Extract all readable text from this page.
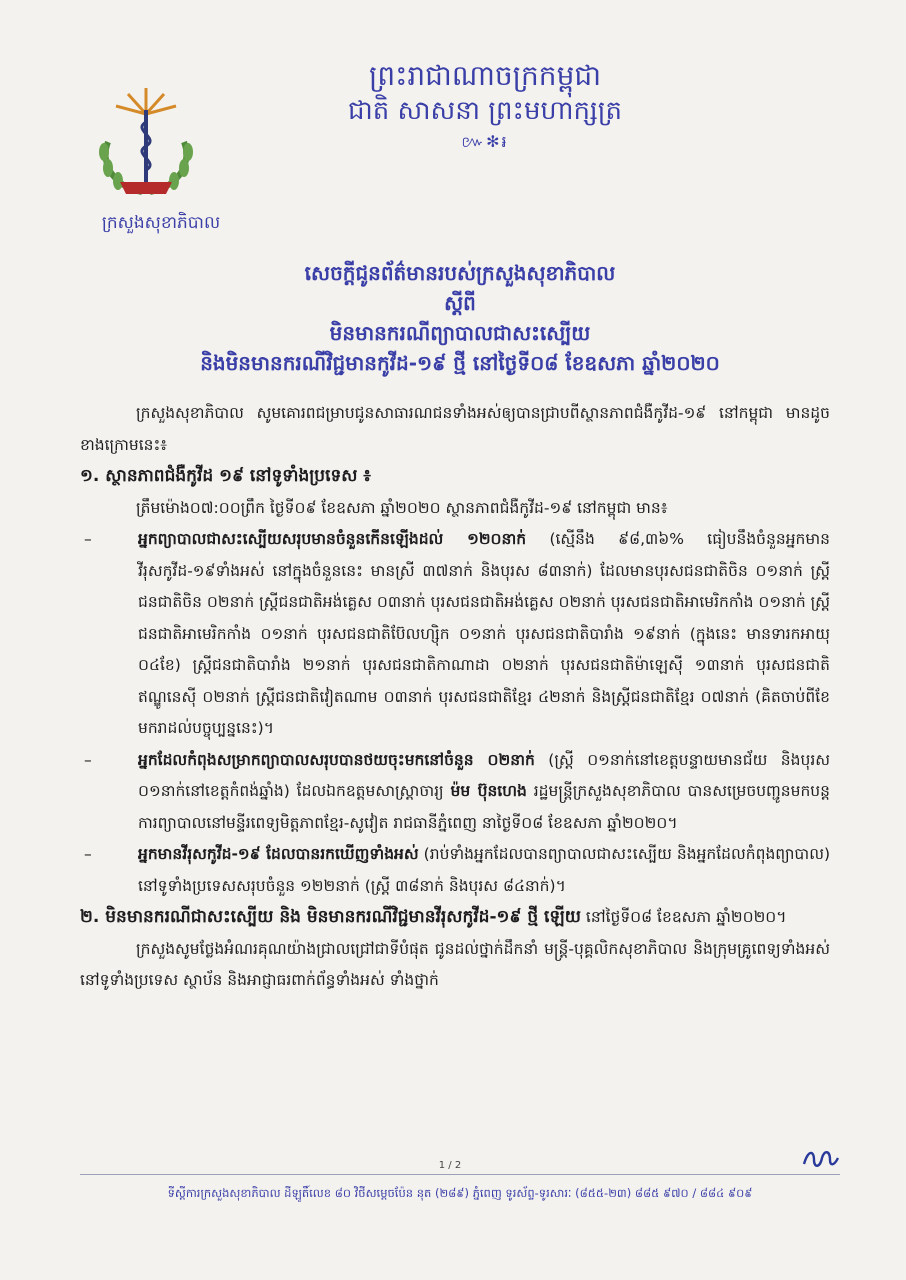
ព្រះរាជាណាចក្រកម្ពុជា
ជាតិ សាសនា ព្រះមហាក្សត្រ
៚✻៛
ក្រសួងសុខាភិបាល
សេចក្ដីជូនព័ត៌មានរបស់ក្រសួងសុខាភិបាល
ស្ដីពី
មិនមានករណីព្យាបាលជាសះស្បើយ
និងមិនមានករណីវិជ្ជមានកូវីដ-១៩ ថ្មី នៅថ្ងៃទី០៨ ខែឧសភា ឆ្នាំ២០២០

ក្រសួងសុខាភិបាល សូមគោរពជម្រាបជូនសាធារណជនទាំងអស់ឲ្យបានជ្រាបពីស្ថានភាពជំងឺកូវីដ-១៩ នៅកម្ពុជា មានដូចខាងក្រោមនេះ៖

១. ស្ថានភាពជំងឺកូវីដ ១៩ នៅទូទាំងប្រទេស ៖

ត្រឹមម៉ោង០៧:០០ព្រឹក ថ្ងៃទី០៩ ខែឧសភា ឆ្នាំ២០២០ ស្ថានភាពជំងឺកូវីដ-១៩ នៅកម្ពុជា មាន៖

–	អ្នកព្យាបាលជាសះស្បើយសរុបមានចំនួនកើនឡើងដល់ ១២០នាក់ (ស្មើនឹង ៩៨,៣៦% ធៀបនឹងចំនួនអ្នកមានវីរុសកូវីដ-១៩ទាំងអស់ នៅក្នុងចំនួននេះ មានស្រី ៣៧នាក់ និងបុរស ៨៣នាក់) ដែលមានបុរសជនជាតិចិន ០១នាក់ ស្ត្រីជនជាតិចិន ០២នាក់ ស្ត្រីជនជាតិអង់គ្លេស ០៣នាក់ បុរសជនជាតិអង់គ្លេស ០២នាក់ បុរសជនជាតិអាមេរិកកាំង ០១នាក់ ស្ត្រីជនជាតិអាមេរិកកាំង ០១នាក់ បុរសជនជាតិប៊ែលហ្ស៊ិក ០១នាក់ បុរសជនជាតិបារាំង ១៩នាក់ (ក្នុងនេះ មានទារកអាយុ ០៤ខែ) ស្ត្រីជនជាតិបារាំង ២១នាក់ បុរសជនជាតិកាណាដា ០២នាក់ បុរសជនជាតិម៉ាឡេស៊ី ១៣នាក់ បុរសជនជាតិឥណ្ឌូនេស៊ី ០២នាក់ ស្ត្រីជនជាតិវៀតណាម ០៣នាក់ បុរសជនជាតិខ្មែរ ៤២នាក់ និងស្ត្រីជនជាតិខ្មែរ ០៧នាក់ (គិតចាប់ពីខែមករាដល់បច្ចុប្បន្ននេះ)។

–	អ្នកដែលកំពុងសម្រាកព្យាបាលសរុបបានថយចុះមកនៅចំនួន ០២នាក់ (ស្ត្រី ០១នាក់នៅខេត្តបន្ទាយមានជ័យ និងបុរស ០១នាក់នៅខេត្តកំពង់ឆ្នាំង) ដែលឯកឧត្តមសាស្ត្រាចារ្យ ម៉ម ប៊ុនហេង រដ្ឋមន្ត្រីក្រសួងសុខាភិបាល បានសម្រេចបញ្ជូនមកបន្តការព្យាបាលនៅមន្ទីរពេទ្យមិត្តភាពខ្មែរ-សូវៀត រាជធានីភ្នំពេញ នាថ្ងៃទី០៨ ខែឧសភា ឆ្នាំ២០២០។

–	អ្នកមានវីរុសកូវីដ-១៩ ដែលបានរកឃើញទាំងអស់ (រាប់ទាំងអ្នកដែលបានព្យាបាលជាសះស្បើយ និងអ្នកដែលកំពុងព្យាបាល) នៅទូទាំងប្រទេសសរុបចំនួន ១២២នាក់ (ស្ត្រី ៣៨នាក់ និងបុរស ៨៤នាក់)។

២. មិនមានករណីជាសះស្បើយ និង មិនមានករណីវិជ្ជមានវីរុសកូវីដ-១៩ ថ្មី ឡើយ នៅថ្ងៃទី០៨ ខែឧសភា ឆ្នាំ២០២០។

ក្រសួងសូមថ្លែងអំណរគុណយ៉ាងជ្រាលជ្រៅជាទីបំផុត ជូនដល់ថ្នាក់ដឹកនាំ មន្ត្រី-បុគ្គលិកសុខាភិបាល និងក្រុមគ្រូពេទ្យទាំងអស់នៅទូទាំងប្រទេស ស្ថាប័ន និងអាជ្ញាធរពាក់ព័ន្ធទាំងអស់ ទាំងថ្នាក់

1 / 2
ទីស្តីការក្រសួងសុខាភិបាល ដីឡូតិ៍លេខ ៨០ វិថីសម្ដេចប៉ែន នុត (២៨៩) ភ្នំពេញ ទូរស័ព្ទ-ទូរសារៈ (៨៥៥-២៣) ៨៨៥ ៩៧០ / ៨៨៤ ៩០៩
